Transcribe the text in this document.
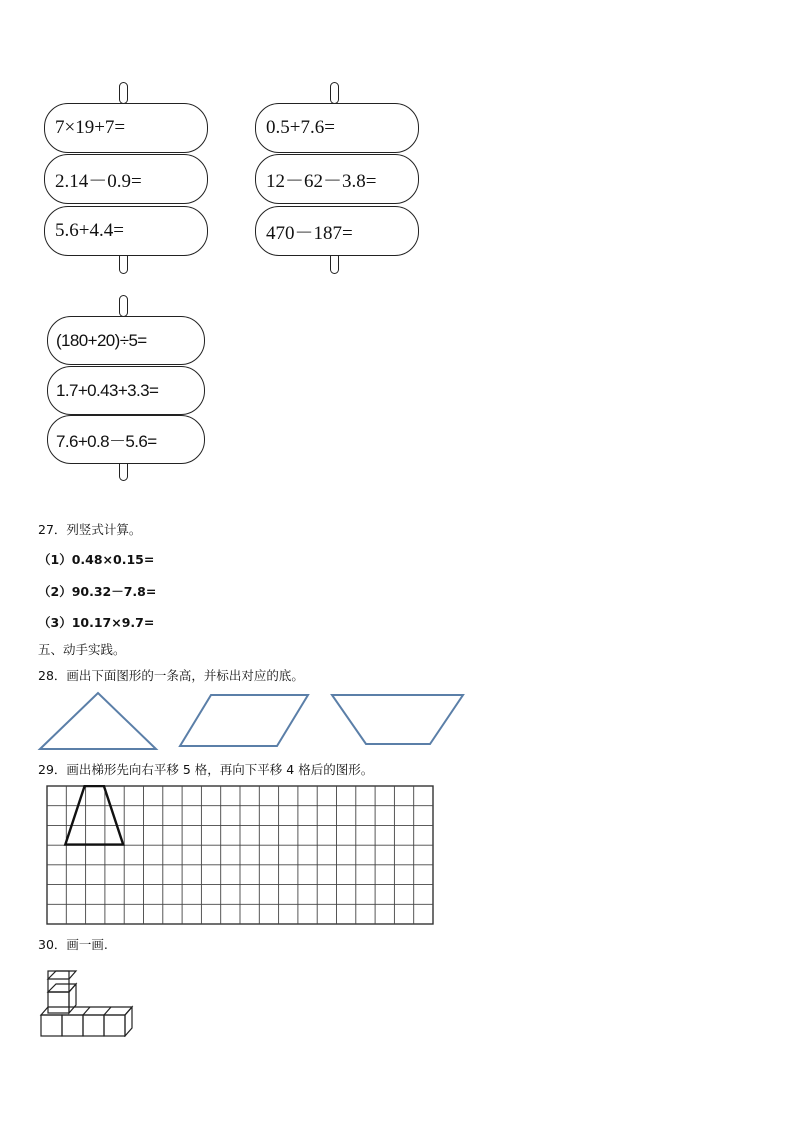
7×19+7=
2.14－0.9=
5.6+4.4=
0.5+7.6=
12－62－3.8=
470－187=
(180+20)÷5=
1.7+0.43+3.3=
7.6+0.8－5.6=
27．列竖式计算。
（1）0.48×0.15=
（2）90.32－7.8=
（3）10.17×9.7=
五、动手实践。
28．画出下面图形的一条高，并标出对应的底。
29．画出梯形先向右平移 5 格，再向下平移 4 格后的图形。
30．画一画.
